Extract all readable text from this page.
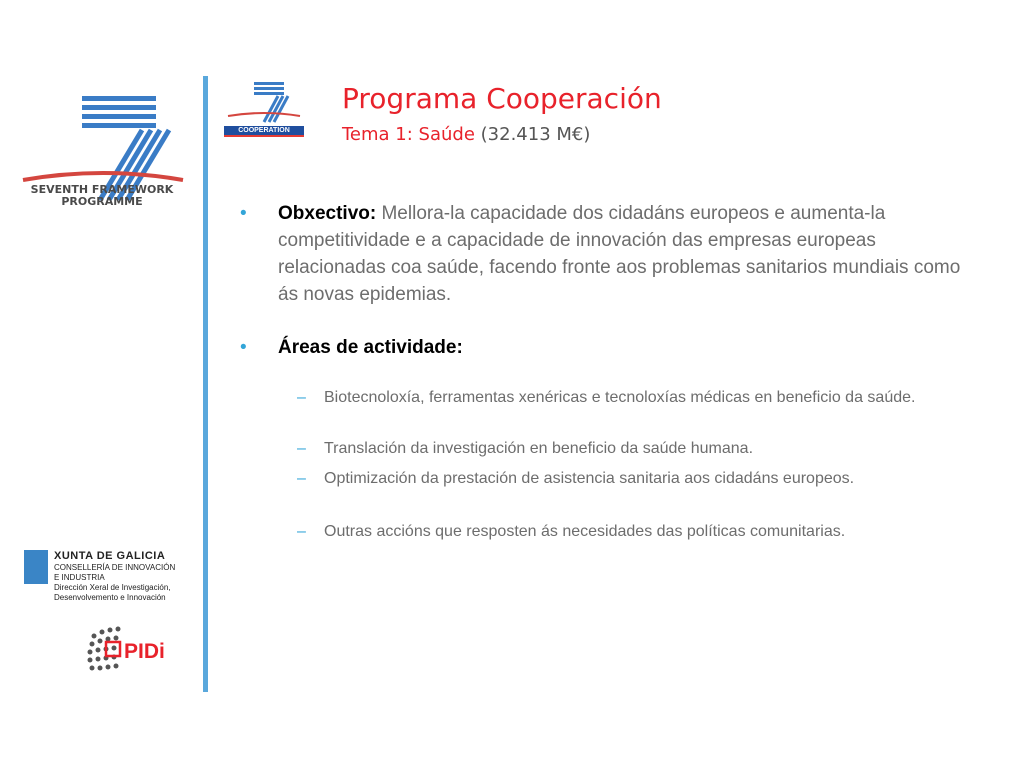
SEVENTH FRAMEWORK
PROGRAMME
COOPERATION
Programa Cooperación
Tema 1: Saúde (32.413 M€)
• Obxectivo: Mellora-la capacidade dos cidadáns europeos e aumenta-la competitividade e a capacidade de innovación das empresas europeas relacionadas coa saúde, facendo fronte aos problemas sanitarios mundiais como ás novas epidemias.
• Áreas de actividade:
– Biotecnoloxía, ferramentas xenéricas e tecnoloxías médicas en beneficio da saúde.
– Translación da investigación en beneficio da saúde humana.
– Optimización da prestación de asistencia sanitaria aos cidadáns europeos.
– Outras accións que resposten ás necesidades das políticas comunitarias.
XUNTA DE GALICIA
CONSELLERÍA DE INNOVACIÓN
E INDUSTRIA
Dirección Xeral de Investigación,
Desenvolvemento e Innovación
PIDi
